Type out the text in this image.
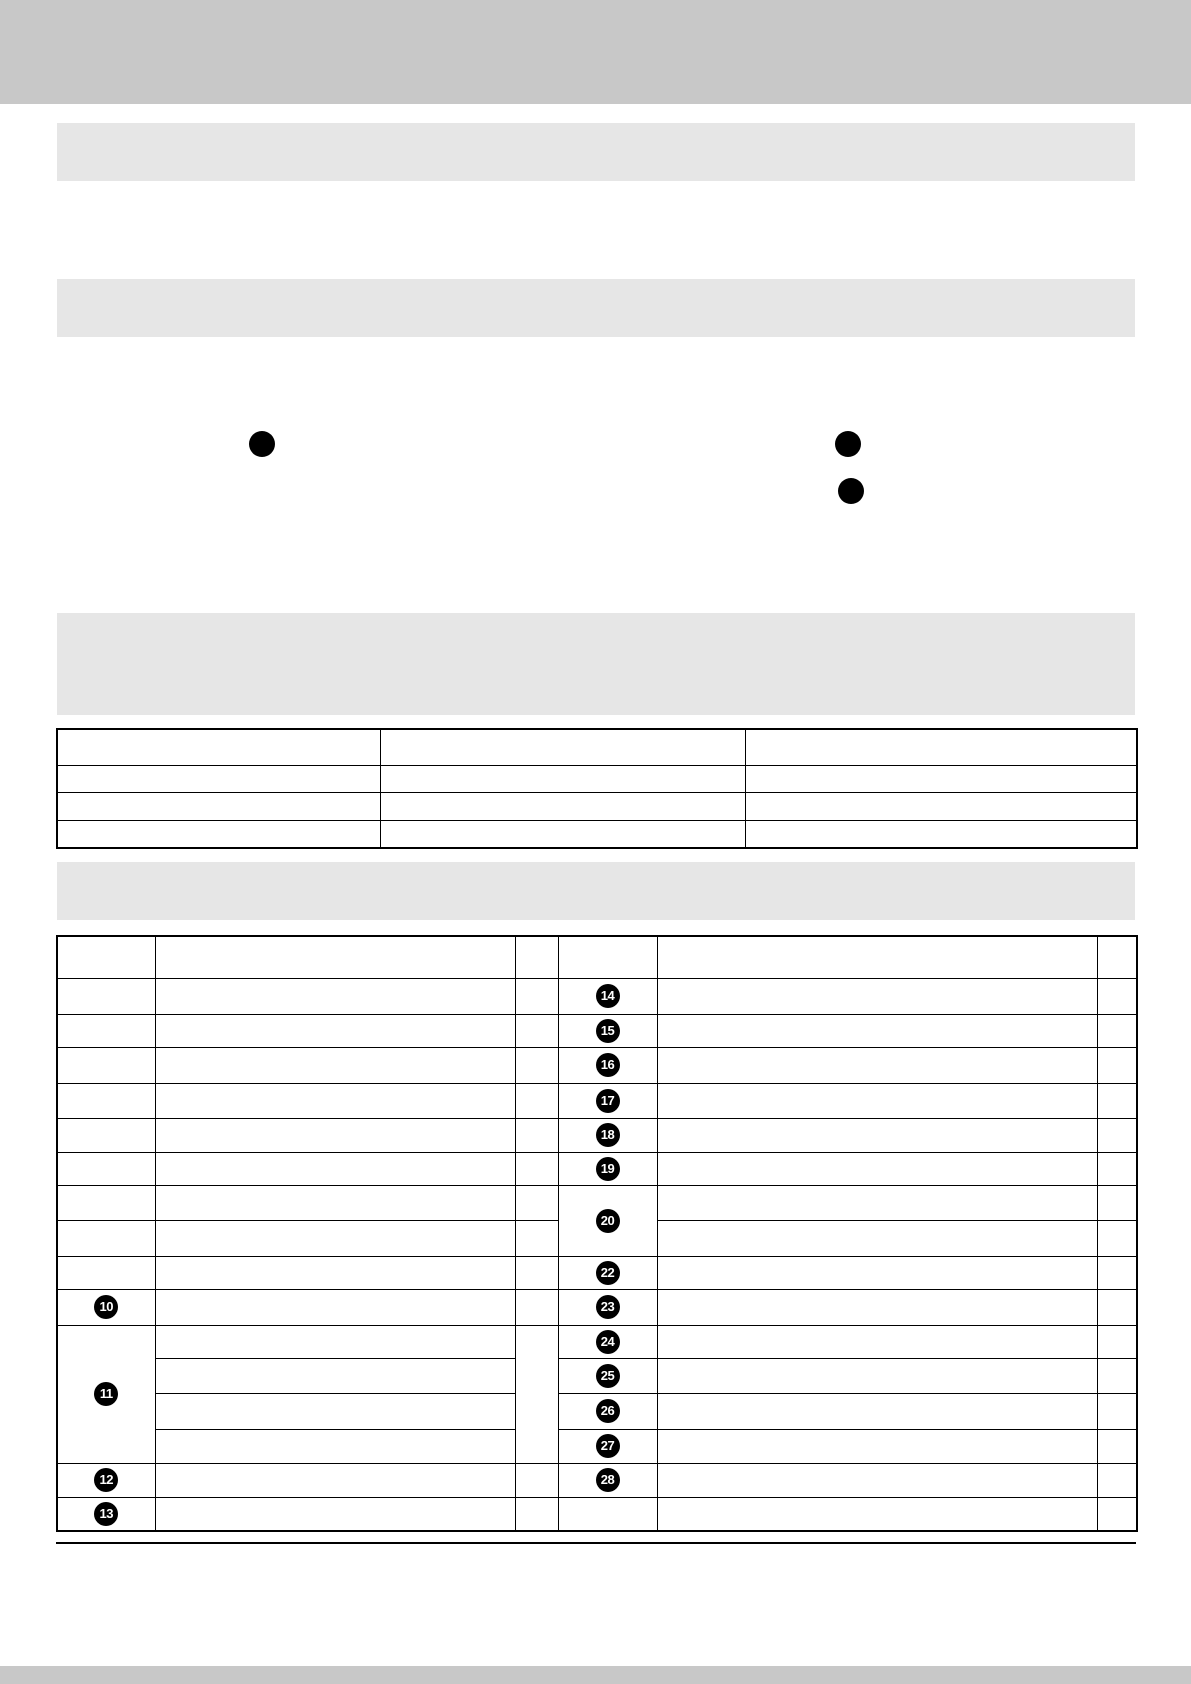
			14		
			15		
			16		
			17		
			18		
			19		
			20		

			22		
10			23		
11			24		
			25		
			26		
			27		
12			28		
13					
